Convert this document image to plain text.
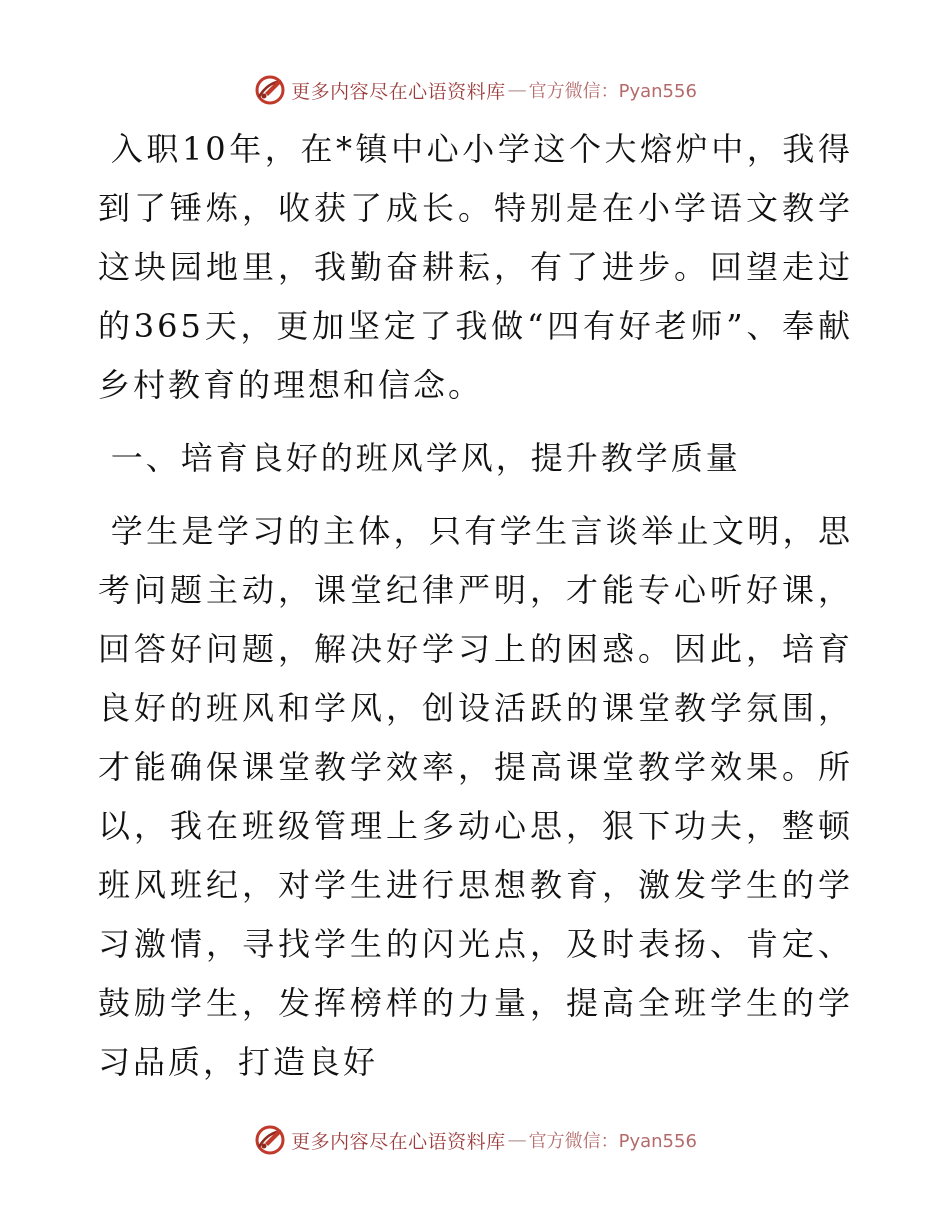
更多内容尽在心语资料库 — 官方微信：Pyan556

入职10年，在*镇中心小学这个大熔炉中，我得到了锤炼，收获了成长。特别是在小学语文教学这块园地里，我勤奋耕耘，有了进步。回望走过的365天，更加坚定了我做“四有好老师”、奉献乡村教育的理想和信念。

一、培育良好的班风学风，提升教学质量

学生是学习的主体，只有学生言谈举止文明，思考问题主动，课堂纪律严明，才能专心听好课，回答好问题，解决好学习上的困惑。因此，培育良好的班风和学风，创设活跃的课堂教学氛围，才能确保课堂教学效率，提高课堂教学效果。所以，我在班级管理上多动心思，狠下功夫，整顿班风班纪，对学生进行思想教育，激发学生的学习激情，寻找学生的闪光点，及时表扬、肯定、鼓励学生，发挥榜样的力量，提高全班学生的学习品质，打造良好

更多内容尽在心语资料库 — 官方微信：Pyan556
